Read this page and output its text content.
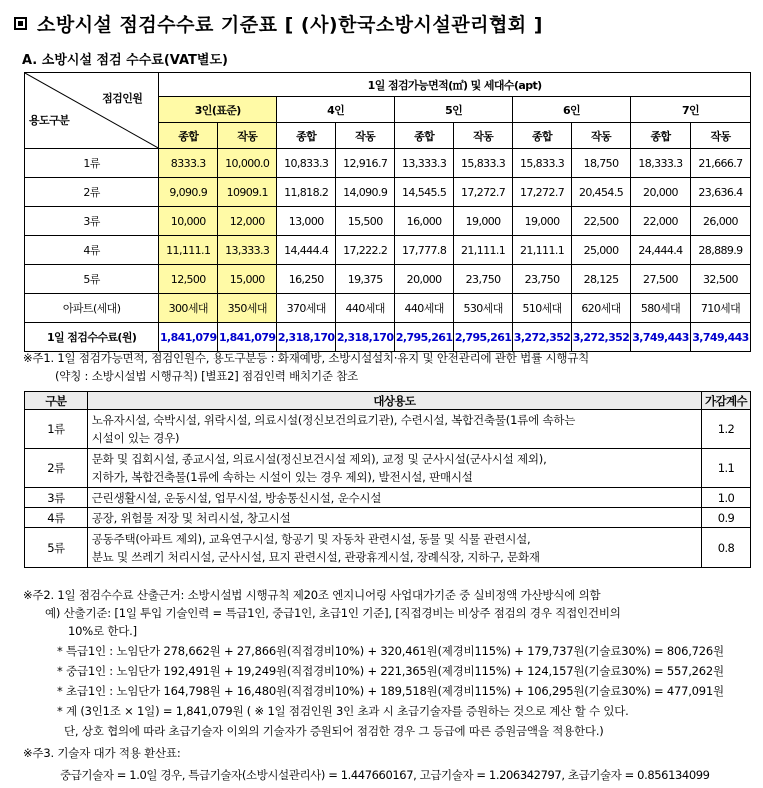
소방시설 점검수수료 기준표 [ (사)한국소방시설관리협회 ]
A. 소방시설 점검 수수료(VAT별도)
점검인원
용도구분	1일 점검가능면적(㎡) 및 세대수(apt)									
	3인(표준)		4인		5인		6인		7인	
	종합	작동	종합	작동	종합	작동	종합	작동	종합	작동
1류	8333.3	10,000.0	10,833.3	12,916.7	13,333.3	15,833.3	15,833.3	18,750	18,333.3	21,666.7
2류	9,090.9	10909.1	11,818.2	14,090.9	14,545.5	17,272.7	17,272.7	20,454.5	20,000	23,636.4
3류	10,000	12,000	13,000	15,500	16,000	19,000	19,000	22,500	22,000	26,000
4류	11,111.1	13,333.3	14,444.4	17,222.2	17,777.8	21,111.1	21,111.1	25,000	24,444.4	28,889.9
5류	12,500	15,000	16,250	19,375	20,000	23,750	23,750	28,125	27,500	32,500
아파트(세대)	300세대	350세대	370세대	440세대	440세대	530세대	510세대	620세대	580세대	710세대
1일 점검수수료(원)	1,841,079	1,841,079	2,318,170	2,318,170	2,795,261	2,795,261	3,272,352	3,272,352	3,749,443	3,749,443
※주1. 1일 점검가능면적, 점검인원수, 용도구분등 : 화재예방, 소방시설설치·유지 및 안전관리에 관한 법률 시행규칙
(약칭 : 소방시설법 시행규칙) [별표2] 점검인력 배치기준 참조
구분	대상용도	가감계수
1류	노유자시설, 숙박시설, 위락시설, 의료시설(정신보건의료기관), 수련시설, 복합건축물(1류에 속하는
시설이 있는 경우)	1.2
2류	문화 및 집회시설, 종교시설, 의료시설(정신보건시설 제외), 교정 및 군사시설(군사시설 제외),
지하가, 복합건축물(1류에 속하는 시설이 있는 경우 제외), 발전시설, 판매시설	1.1
3류	근린생활시설, 운동시설, 업무시설, 방송통신시설, 운수시설	1.0
4류	공장, 위험물 저장 및 처리시설, 창고시설	0.9
5류	공동주택(아파트 제외), 교육연구시설, 항공기 및 자동차 관련시설, 동물 및 식물 관련시설,
분뇨 및 쓰레기 처리시설, 군사시설, 묘지 관련시설, 관광휴게시설, 장례식장, 지하구, 문화재	0.8
※주2. 1일 점검수수료 산출근거: 소방시설법 시행규칙 제20조 엔지니어링 사업대가기준 중 실비정액 가산방식에 의함
예) 산출기준: [1일 투입 기술인력 = 특급1인, 중급1인, 초급1인 기준], [직접경비는 비상주 점검의 경우 직접인건비의
10%로 한다.]
* 특급1인 : 노임단가 278,662원 + 27,866원(직접경비10%) + 320,461원(제경비115%) + 179,737원(기술료30%) = 806,726원
* 중급1인 : 노임단가 192,491원 + 19,249원(직접경비10%) + 221,365원(제경비115%) + 124,157원(기술료30%) = 557,262원
* 초급1인 : 노임단가 164,798원 + 16,480원(직접경비10%) + 189,518원(제경비115%) + 106,295원(기술료30%) = 477,091원
* 계 (3인1조 × 1일) = 1,841,079원 ( ※ 1일 점검인원 3인 초과 시 초급기술자를 증원하는 것으로 계산 할 수 있다.
단, 상호 협의에 따라 초급기술자 이외의 기술자가 증원되어 점검한 경우 그 등급에 따른 증원금액을 적용한다.)
※주3. 기술자 대가 적용 환산표:
중급기술자 = 1.0일 경우, 특급기술자(소방시설관리사) = 1.447660167, 고급기술자 = 1.206342797, 초급기술자 = 0.856134099
